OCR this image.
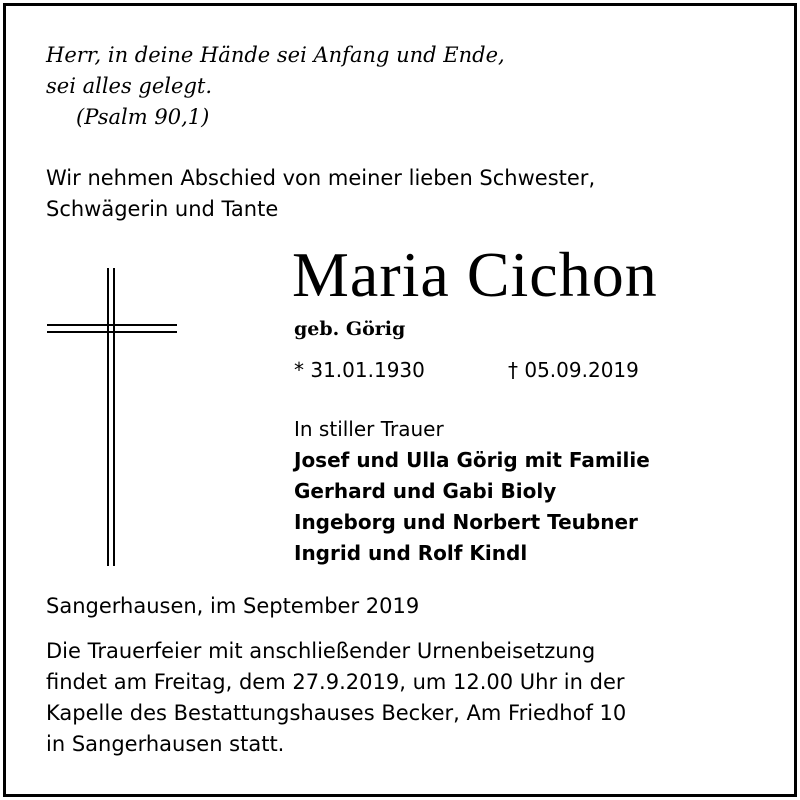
Herr, in deine Hände sei Anfang und Ende,
sei alles gelegt.
(Psalm 90,1)
Wir nehmen Abschied von meiner lieben Schwester,
Schwägerin und Tante
Maria Cichon
geb. Görig
* 31.01.1930	† 05.09.2019
In stiller Trauer
Josef und Ulla Görig mit Familie
Gerhard und Gabi Bioly
Ingeborg und Norbert Teubner
Ingrid und Rolf Kindl
Sangerhausen, im September 2019
Die Trauerfeier mit anschließender Urnenbeisetzung
findet am Freitag, dem 27.9.2019, um 12.00 Uhr in der
Kapelle des Bestattungshauses Becker, Am Friedhof 10
in Sangerhausen statt.
